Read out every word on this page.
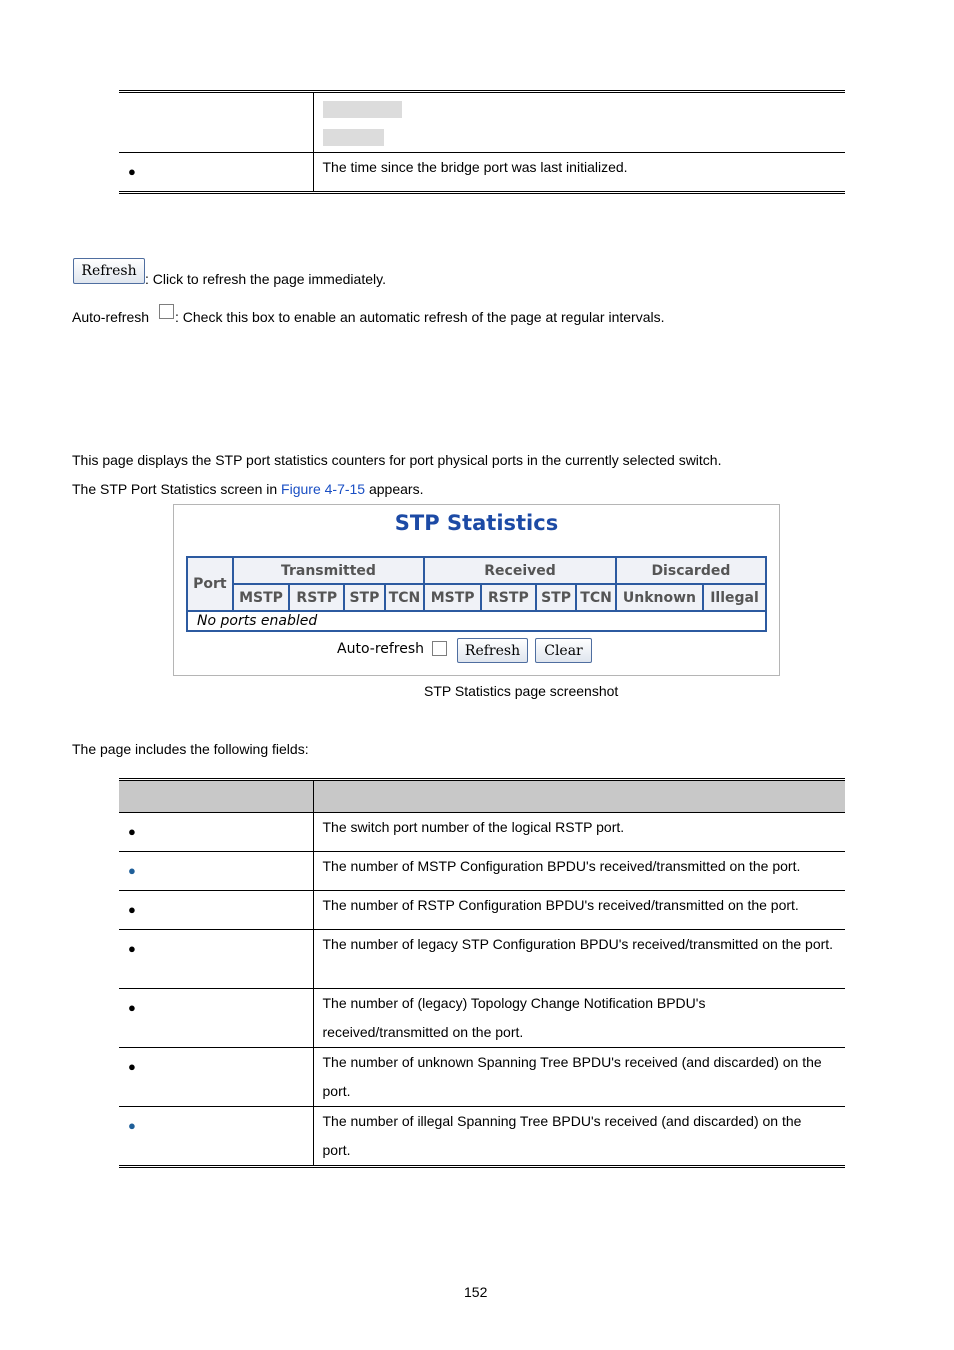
●	The time since the bridge port was last initialized.
Refresh : Click to refresh the page immediately.
Auto-refresh : Check this box to enable an automatic refresh of the page at regular intervals.
This page displays the STP port statistics counters for port physical ports in the currently selected switch.
The STP Port Statistics screen in Figure 4-7-15 appears.
STP Statistics
Port	Transmitted				Received				Discarded	
	MSTP	RSTP	STP	TCN	MSTP	RSTP	STP	TCN	Unknown	Illegal
No ports enabled										
Auto-refresh	Refresh	Clear
STP Statistics page screenshot
The page includes the following fields:

●	The switch port number of the logical RSTP port.

●	The number of MSTP Configuration BPDU's received/transmitted on the port.

●	The number of RSTP Configuration BPDU's received/transmitted on the port.

●	The number of legacy STP Configuration BPDU's received/transmitted on the port.

●	The number of (legacy) Topology Change Notification BPDU's received/transmitted on the port.

●	The number of unknown Spanning Tree BPDU's received (and discarded) on the port.

●	The number of illegal Spanning Tree BPDU's received (and discarded) on the port.
152
